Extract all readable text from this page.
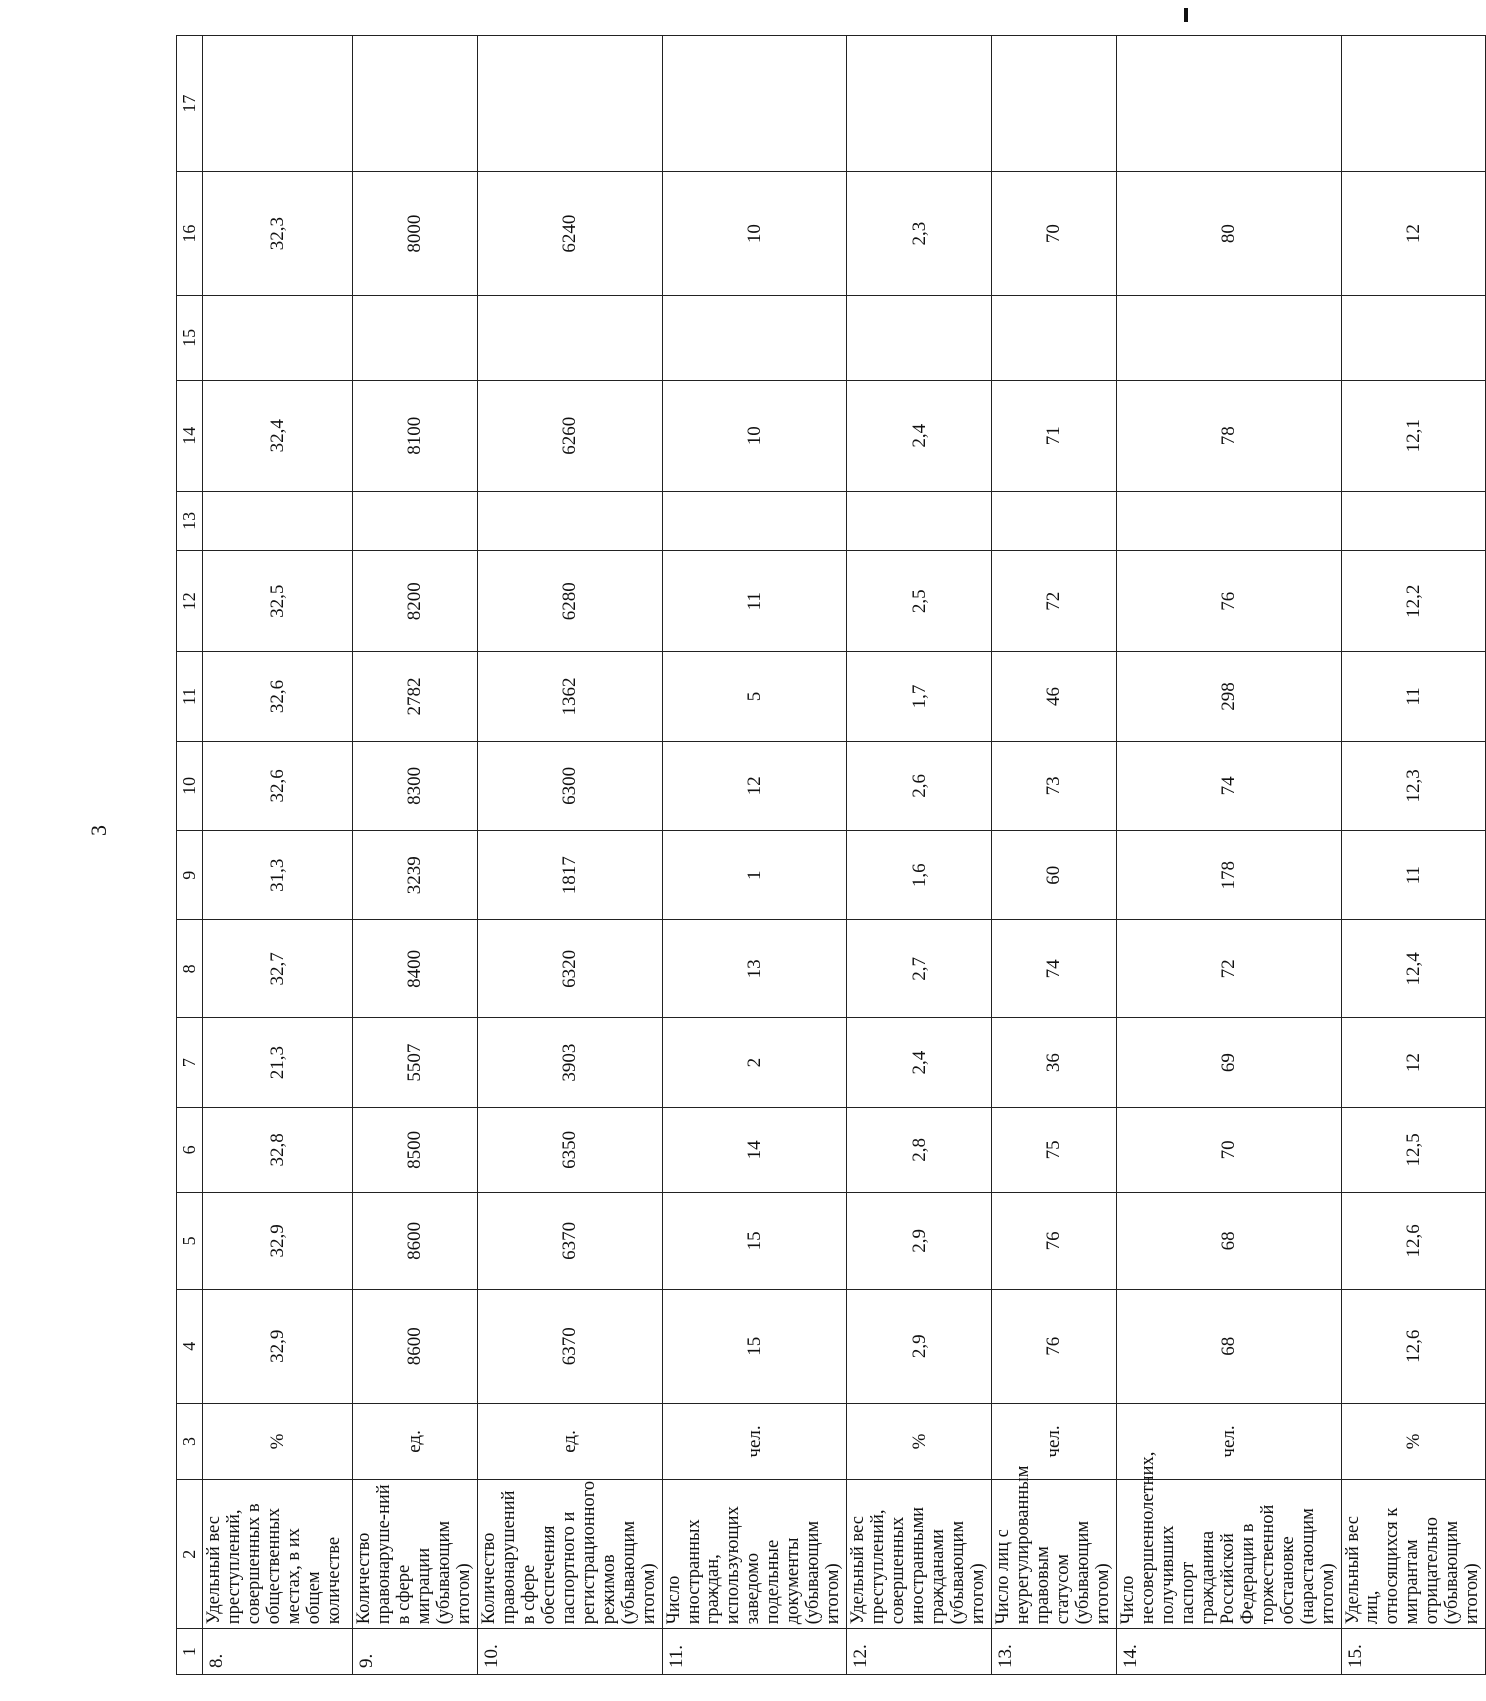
3
1	2	3	4	5	6	7	8	9	10	11	12	13	14	15	16	17
8.	Удельный вес преступлений, совершенных в общественных местах, в их общем количестве	%	32,9	32,9	32,8	21,3	32,7	31,3	32,6	32,6	32,5		32,4		32,3	
9.	Количество правонаруше-ний в сфере миграции (убывающим итогом)	ед.	8600	8600	8500	5507	8400	3239	8300	2782	8200		8100		8000	
10.	Количество правонарушений в сфере обеспечения паспортного и регистрационного режимов (убывающим итогом)	ед.	6370	6370	6350	3903	6320	1817	6300	1362	6280		6260		6240	
11.	Число иностранных граждан, использующих заведомо подельные документы (убывающим итогом)	чел.	15	15	14	2	13	1	12	5	11		10		10	
12.	Удельный вес преступлений, совершенных иностранными гражданами (убывающим итогом)	%	2,9	2,9	2,8	2,4	2,7	1,6	2,6	1,7	2,5		2,4		2,3	
13.	Число лиц с неурегулированным правовым статусом (убывающим итогом)	чел.	76	76	75	36	74	60	73	46	72		71		70	
14.	Число несовершеннолетних, получивших паспорт гражданина Российской Федерации в торжественной обстановке (нарастающим итогом)	чел.	68	68	70	69	72	178	74	298	76		78		80	
15.	Удельный вес лиц, относящихся к мигрантам отрицательно (убывающим итогом)	%	12,6	12,6	12,5	12	12,4	11	12,3	11	12,2		12,1		12	
